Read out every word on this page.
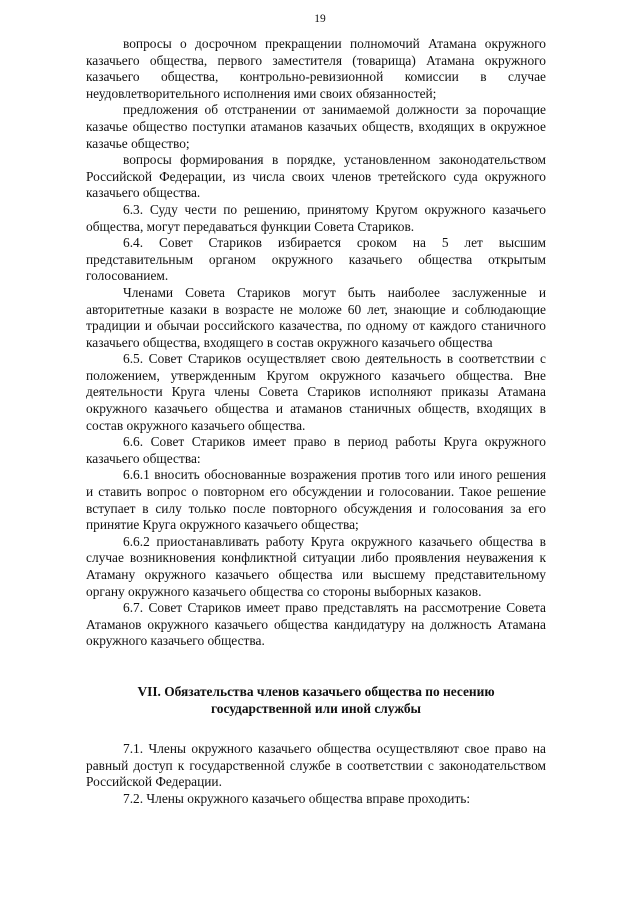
19

вопросы о досрочном прекращении полномочий Атамана окружного казачьего общества, первого заместителя (товарища) Атамана окружного казачьего общества, контрольно-ревизионной комиссии в случае неудовлетворительного исполнения ими своих обязанностей;

предложения об отстранении от занимаемой должности за порочащие казачье общество поступки атаманов казачьих обществ, входящих в окружное казачье общество;

вопросы формирования в порядке, установленном законодательством Российской Федерации, из числа своих членов третейского суда окружного казачьего общества.

6.3. Суду чести по решению, принятому Кругом окружного казачьего общества, могут передаваться функции Совета Стариков.

6.4. Совет Стариков избирается сроком на 5 лет высшим представительным органом окружного казачьего общества открытым голосованием.

Членами Совета Стариков могут быть наиболее заслуженные и авторитетные казаки в возрасте не моложе 60 лет, знающие и соблюдающие традиции и обычаи российского казачества, по одному от каждого станичного казачьего общества, входящего в состав окружного казачьего общества

6.5. Совет Стариков осуществляет свою деятельность в соответствии с положением, утвержденным Кругом окружного казачьего общества. Вне деятельности Круга члены Совета Стариков исполняют приказы Атамана окружного казачьего общества и атаманов станичных обществ, входящих в состав окружного казачьего общества.

6.6. Совет Стариков имеет право в период работы Круга окружного казачьего общества:

6.6.1 вносить обоснованные возражения против того или иного решения и ставить вопрос о повторном его обсуждении и голосовании. Такое решение вступает в силу только после повторного обсуждения и голосования за его принятие Круга окружного казачьего общества;

6.6.2 приостанавливать работу Круга окружного казачьего общества в случае возникновения конфликтной ситуации либо проявления неуважения к Атаману окружного казачьего общества или высшему представительному органу окружного казачьего общества со стороны выборных казаков.

6.7. Совет Стариков имеет право представлять на рассмотрение Совета Атаманов окружного казачьего общества кандидатуру на должность Атамана окружного казачьего общества.

VII. Обязательства членов казачьего общества по несению
государственной или иной службы

7.1. Члены окружного казачьего общества осуществляют свое право на равный доступ к государственной службе в соответствии с законодательством Российской Федерации.

7.2. Члены окружного казачьего общества вправе проходить:
